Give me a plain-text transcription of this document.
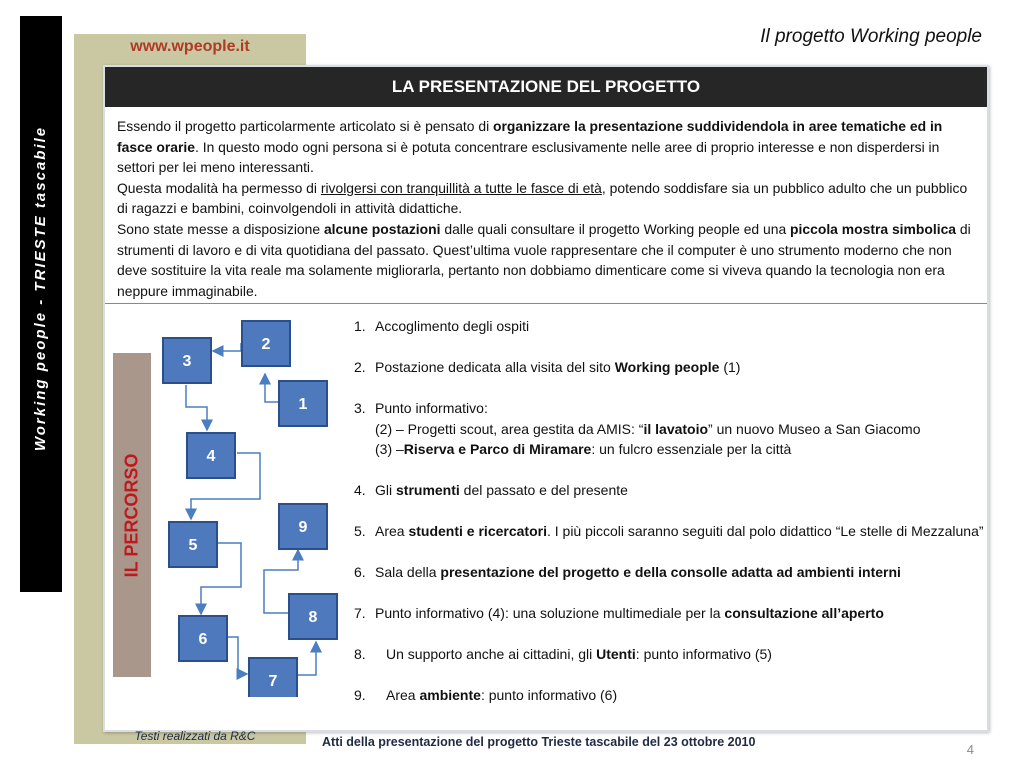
Working people - TRIESTE tascabile
www.wpeople.it	Il progetto Working people
LA PRESENTAZIONE DEL PROGETTO

Essendo il progetto particolarmente articolato si è pensato di organizzare la presentazione suddividendola in aree tematiche ed in fasce orarie. In questo modo ogni persona si è potuta concentrare esclusivamente nelle aree di proprio interesse e non disperdersi in settori per lei meno interessanti.

Questa modalità ha permesso di rivolgersi con tranquillità a tutte le fasce di età, potendo soddisfare sia un pubblico adulto che un pubblico di ragazzi e bambini, coinvolgendoli in attività didattiche.

Sono state messe a disposizione alcune postazioni dalle quali consultare il progetto Working people ed una piccola mostra simbolica di strumenti di lavoro e di vita quotidiana del passato. Quest’ultima vuole rappresentare che il computer è uno strumento moderno che non deve sostituire la vita reale ma solamente migliorarla, pertanto non dobbiamo dimenticare come si viveva quando la tecnologia non era neppure immaginabile.

IL PERCORSO
1
2
3
4
5
6
7
8
9
1. Accoglimento degli ospiti
2. Postazione dedicata alla visita del sito Working people (1)
3. Punto informativo:
(2) – Progetti scout, area gestita da AMIS: “ il lavatoio ” un nuovo Museo a San Giacomo
(3) – Riserva e Parco di Miramare : un fulcro essenziale per la città
4. Gli strumenti del passato e del presente
5. Area studenti e ricercatori. I più piccoli saranno seguiti dal polo didattico “Le stelle di Mezzaluna”
6. Sala della presentazione del progetto e della consolle adatta ad ambienti interni
7. Punto informativo (4): una soluzione multimediale per la consultazione all’aperto
8.	Un supporto anche ai cittadini, gli Utenti: punto informativo (5)
9.	Area ambiente: punto informativo (6)
Testi realizzati da R&C	Atti della presentazione del progetto Trieste tascabile del 23 ottobre 2010	4
